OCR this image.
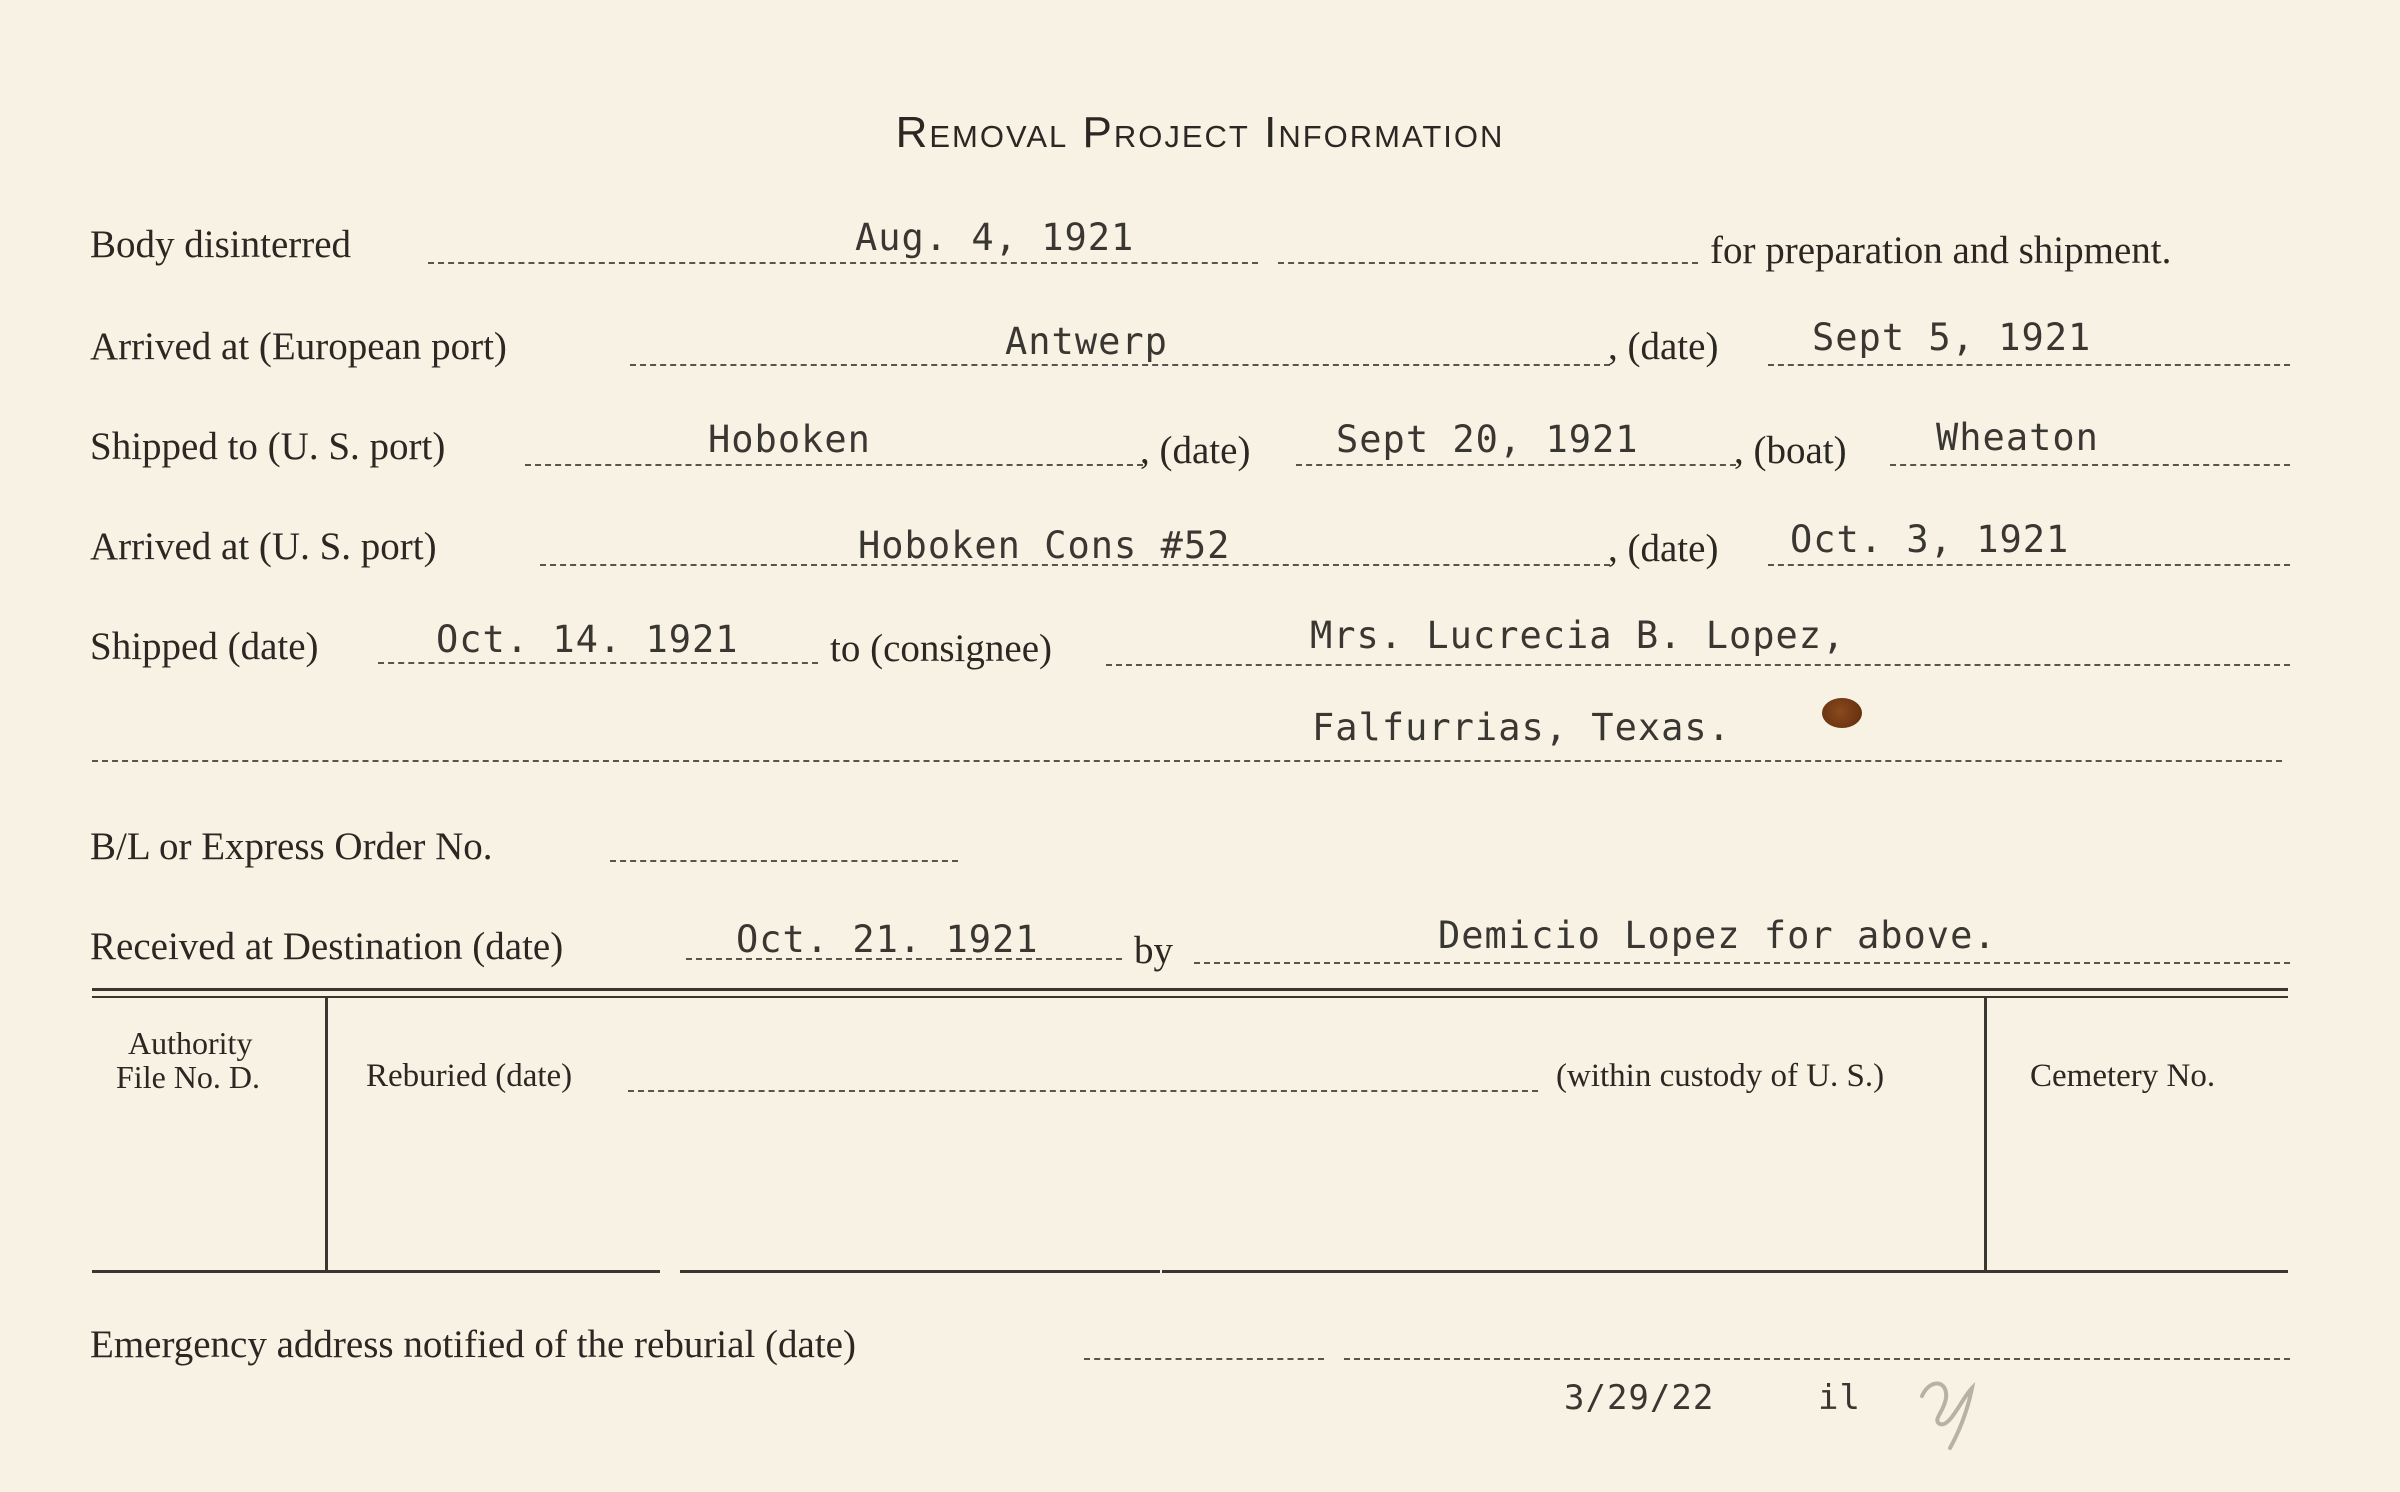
Removal Project Information
Body disinterred	Aug. 4, 1921	for preparation and shipment.
Arrived at (European port)	Antwerp	, (date)	Sept 5, 1921
Shipped to (U. S. port)	Hoboken	, (date) Sept 20, 1921 , (boat) Wheaton
Arrived at (U. S. port)	Hoboken Cons #52	, (date) Oct. 3, 1921
Shipped (date)	Oct. 14. 1921 to (consignee)	Mrs. Lucrecia B. Lopez,
Falfurrias, Texas.
B/L or Express Order No.
Received at Destination (date)	Oct. 21. 1921 by	Demicio Lopez for above.
Authority
File No. D.	Reburied (date)	(within custody of U. S.)	Cemetery No.
Emergency address notified of the reburial (date)
3/29/22	il
